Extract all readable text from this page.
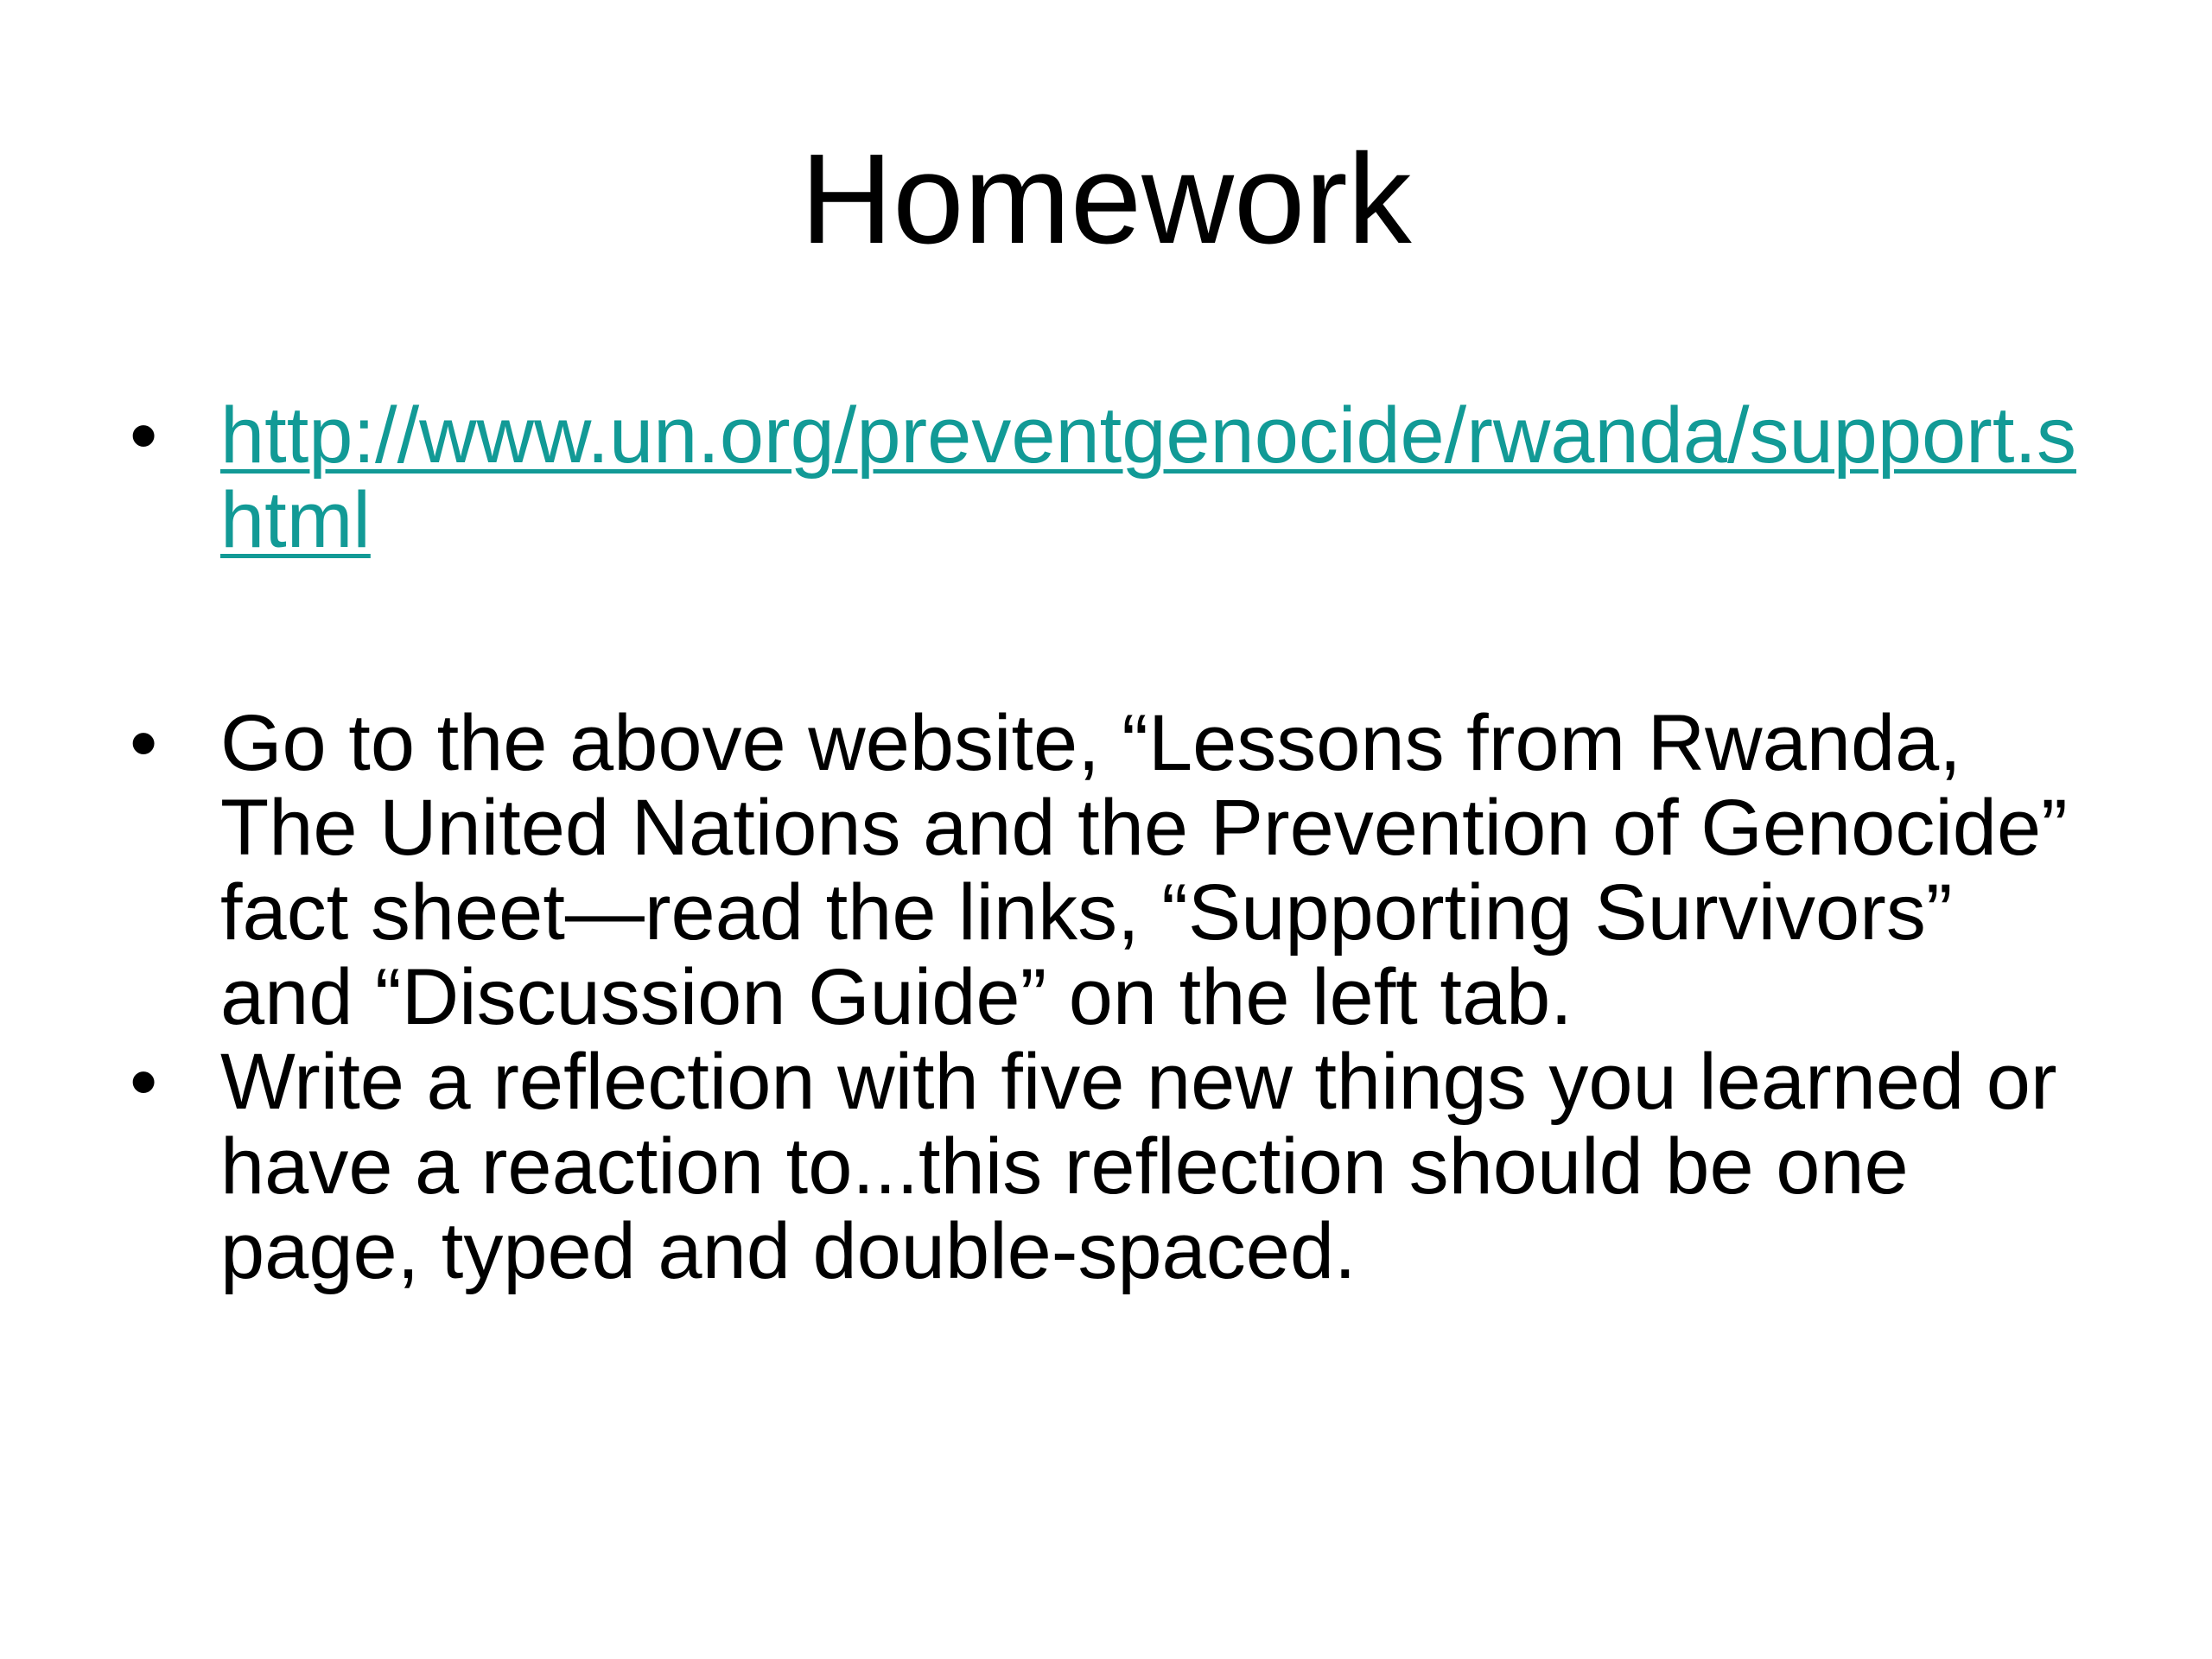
Homework
• http://www.un.org/preventgenocide/rwanda/support.shtml
• Go to the above website, “Lessons from Rwanda, The United Nations and the Prevention of Genocide” fact sheet—read the links, “Supporting Survivors” and “Discussion Guide” on the left tab.
• Write a reflection with five new things you learned or have a reaction to...this reflection should be one page, typed and double-spaced.
